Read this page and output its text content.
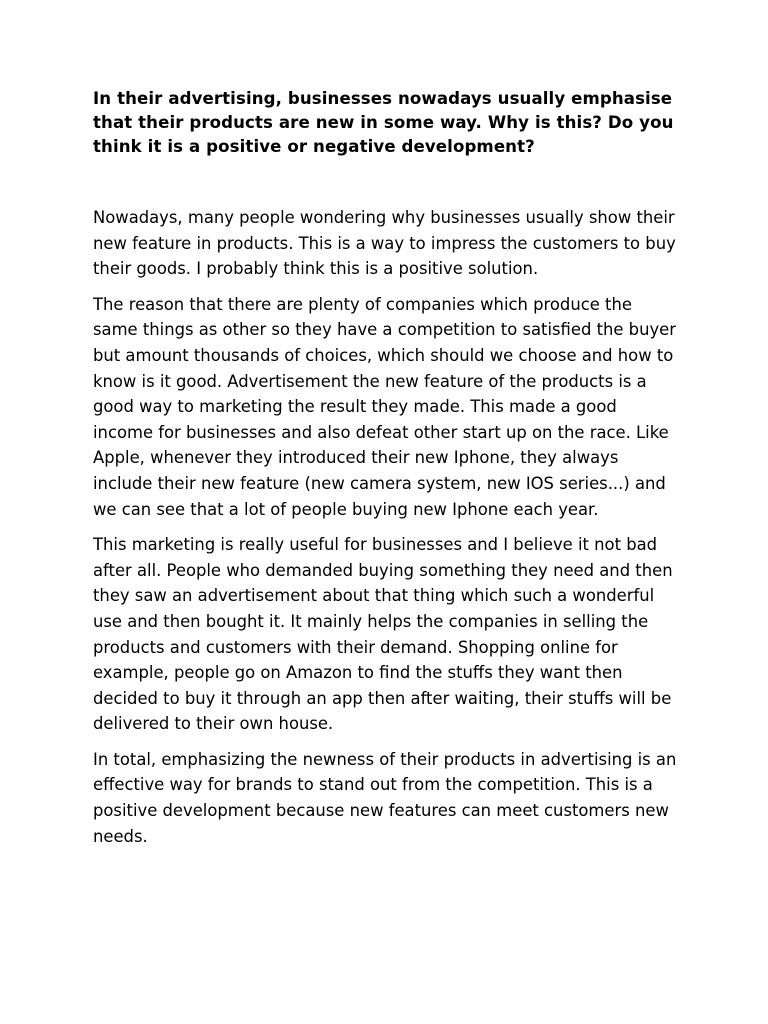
In their advertising, businesses nowadays usually emphasise that their products are new in some way. Why is this? Do you think it is a positive or negative development?

Nowadays, many people wondering why businesses usually show their new feature in products. This is a way to impress the customers to buy their goods. I probably think this is a positive solution.

The reason that there are plenty of companies which produce the same things as other so they have a competition to satisfied the buyer but amount thousands of choices, which should we choose and how to know is it good. Advertisement the new feature of the products is a good way to marketing the result they made. This made a good income for businesses and also defeat other start up on the race. Like Apple, whenever they introduced their new Iphone, they always include their new feature (new camera system, new IOS series...) and we can see that a lot of people buying new Iphone each year.

This marketing is really useful for businesses and I believe it not bad after all. People who demanded buying something they need and then they saw an advertisement about that thing which such a wonderful use and then bought it. It mainly helps the companies in selling the products and customers with their demand. Shopping online for example, people go on Amazon to find the stuffs they want then decided to buy it through an app then after waiting, their stuffs will be delivered to their own house.

In total, emphasizing the newness of their products in advertising is an effective way for brands to stand out from the competition. This is a positive development because new features can meet customers new needs.
